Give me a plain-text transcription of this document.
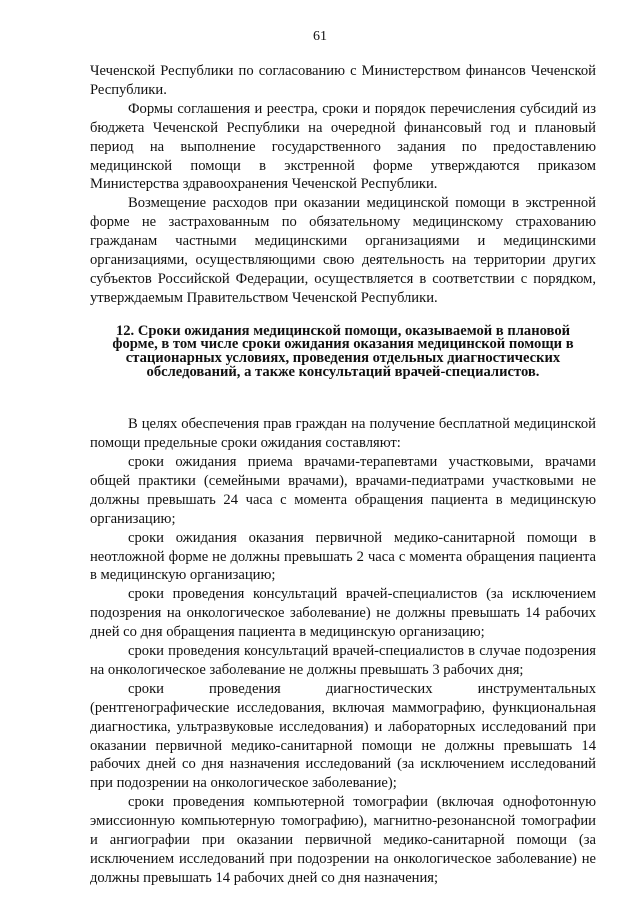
61

Чеченской Республики по согласованию с Министерством финансов Чеченской Республики.

Формы соглашения и реестра, сроки и порядок перечисления субсидий из бюджета Чеченской Республики на очередной финансовый год и плановый период на выполнение государственного задания по предоставлению медицинской помощи в экстренной форме утверждаются приказом Министерства здравоохранения Чеченской Республики.

Возмещение расходов при оказании медицинской помощи в экстренной форме не застрахованным по обязательному медицинскому страхованию гражданам частными медицинскими организациями и медицинскими организациями, осуществляющими свою деятельность на территории других субъектов Российской Федерации, осуществляется в соответствии с порядком, утверждаемым Правительством Чеченской Республики.

12. Сроки ожидания медицинской помощи, оказываемой в плановой форме, в том числе сроки ожидания оказания медицинской помощи в стационарных условиях, проведения отдельных диагностических обследований, а также консультаций врачей-специалистов.

В целях обеспечения прав граждан на получение бесплатной медицинской помощи предельные сроки ожидания составляют:

сроки ожидания приема врачами-терапевтами участковыми, врачами общей практики (семейными врачами), врачами-педиатрами участковыми не должны превышать 24 часа с момента обращения пациента в медицинскую организацию;

сроки ожидания оказания первичной медико-санитарной помощи в неотложной форме не должны превышать 2 часа с момента обращения пациента в медицинскую организацию;

сроки проведения консультаций врачей-специалистов (за исключением подозрения на онкологическое заболевание) не должны превышать 14 рабочих дней со дня обращения пациента в медицинскую организацию;

сроки проведения консультаций врачей-специалистов в случае подозрения на онкологическое заболевание не должны превышать 3 рабочих дня;

сроки проведения диагностических инструментальных (рентгенографические исследования, включая маммографию, функциональная диагностика, ультразвуковые исследования) и лабораторных исследований при оказании первичной медико-санитарной помощи не должны превышать 14 рабочих дней со дня назначения исследований (за исключением исследований при подозрении на онкологическое заболевание);

сроки проведения компьютерной томографии (включая однофотонную эмиссионную компьютерную томографию), магнитно-резонансной томографии и ангиографии при оказании первичной медико-санитарной помощи (за исключением исследований при подозрении на онкологическое заболевание) не должны превышать 14 рабочих дней со дня назначения;
